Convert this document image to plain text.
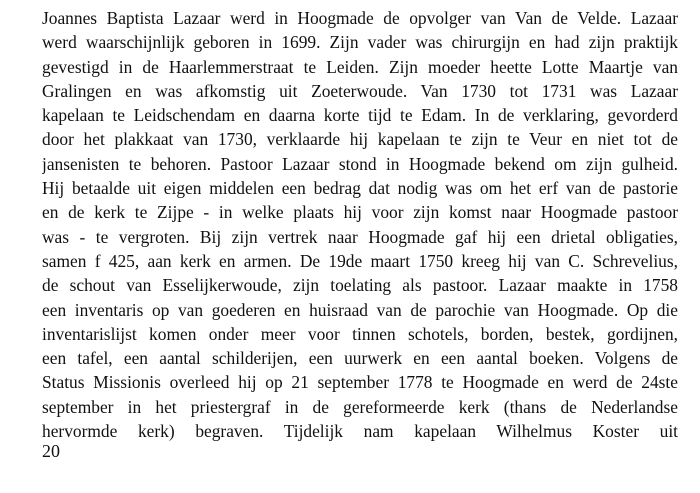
Joannes Baptista Lazaar werd in Hoogmade de opvolger van Van de Velde. Lazaar
werd waarschijnlijk geboren in 1699. Zijn vader was chirurgijn en had zijn praktijk
gevestigd in de Haarlemmerstraat te Leiden. Zijn moeder heette Lotte Maartje van
Gralingen en was afkomstig uit Zoeterwoude. Van 1730 tot 1731 was Lazaar
kapelaan te Leidschendam en daarna korte tijd te Edam. In de verklaring, gevorderd
door het plakkaat van 1730, verklaarde hij kapelaan te zijn te Veur en niet tot de
jansenisten te behoren. Pastoor Lazaar stond in Hoogmade bekend om zijn gulheid.
Hij betaalde uit eigen middelen een bedrag dat nodig was om het erf van de pastorie
en de kerk te Zijpe - in welke plaats hij voor zijn komst naar Hoogmade pastoor
was - te vergroten. Bij zijn vertrek naar Hoogmade gaf hij een drietal obligaties,
samen f 425, aan kerk en armen. De 19de maart 1750 kreeg hij van C. Schrevelius,
de schout van Esselijkerwoude, zijn toelating als pastoor. Lazaar maakte in 1758
een inventaris op van goederen en huisraad van de parochie van Hoogmade. Op die
inventarislijst komen onder meer voor tinnen schotels, borden, bestek, gordijnen,
een tafel, een aantal schilderijen, een uurwerk en een aantal boeken. Volgens de
Status Missionis overleed hij op 21 september 1778 te Hoogmade en werd de 24ste
september in het priestergraf in de gereformeerde kerk (thans de Nederlandse
hervormde kerk) begraven. Tijdelijk nam kapelaan Wilhelmus Koster uit

20
